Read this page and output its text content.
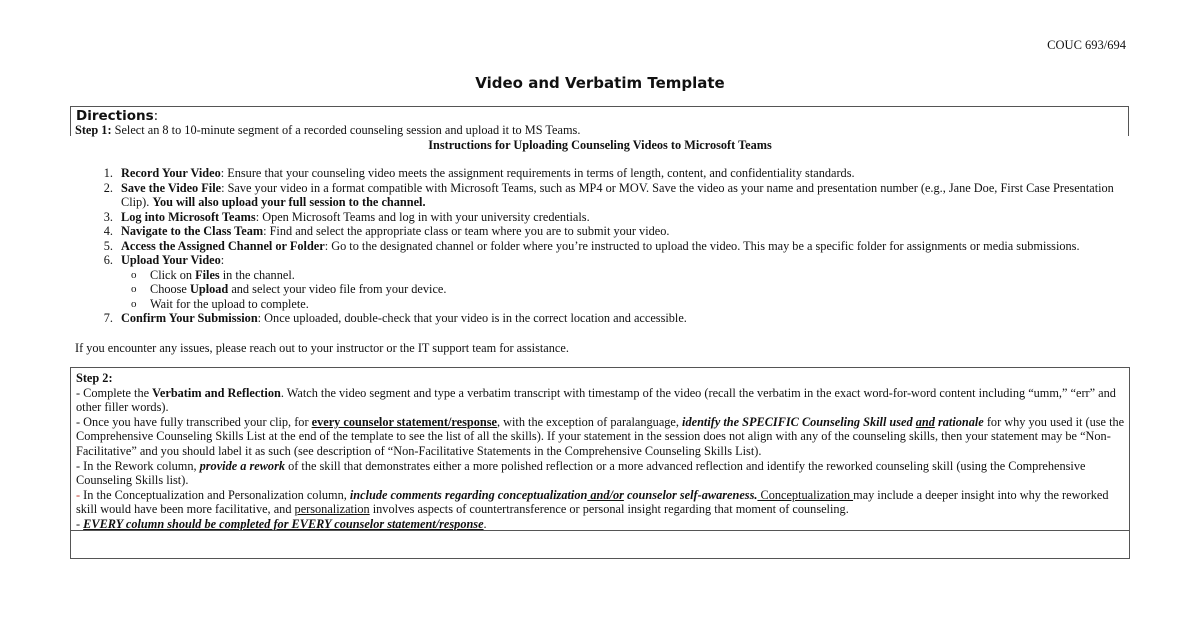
COUC 693/694
Video and Verbatim Template
Directions:
Step 1: Select an 8 to 10-minute segment of a recorded counseling session and upload it to MS Teams.
Instructions for Uploading Counseling Videos to Microsoft Teams
1. Record Your Video: Ensure that your counseling video meets the assignment requirements in terms of length, content, and confidentiality standards.
2. Save the Video File: Save your video in a format compatible with Microsoft Teams, such as MP4 or MOV. Save the video as your name and presentation number (e.g., Jane Doe, First Case Presentation Clip). You will also upload your full session to the channel.
3. Log into Microsoft Teams: Open Microsoft Teams and log in with your university credentials.
4. Navigate to the Class Team: Find and select the appropriate class or team where you are to submit your video.
5. Access the Assigned Channel or Folder: Go to the designated channel or folder where you’re instructed to upload the video. This may be a specific folder for assignments or media submissions.
6. Upload Your Video:
o	Click on Files in the channel.
o	Choose Upload and select your video file from your device.
o	Wait for the upload to complete.
7. Confirm Your Submission: Once uploaded, double-check that your video is in the correct location and accessible.
If you encounter any issues, please reach out to your instructor or the IT support team for assistance.
Step 2:
- Complete the Verbatim and Reflection. Watch the video segment and type a verbatim transcript with timestamp of the video (recall the verbatim in the exact word-for-word content including “umm,” “err” and other filler words).
- Once you have fully transcribed your clip, for every counselor statement/response, with the exception of paralanguage, identify the SPECIFIC Counseling Skill used and rationale for why you used it (use the Comprehensive Counseling Skills List at the end of the template to see the list of all the skills). If your statement in the session does not align with any of the counseling skills, then your statement may be “Non-Facilitative” and you should label it as such (see description of “Non-Facilitative Statements in the Comprehensive Counseling Skills List).
- In the Rework column, provide a rework of the skill that demonstrates either a more polished reflection or a more advanced reflection and identify the reworked counseling skill (using the Comprehensive Counseling Skills list).
- In the Conceptualization and Personalization column, include comments regarding conceptualization and/or counselor self-awareness. Conceptualization may include a deeper insight into why the reworked skill would have been more facilitative, and personalization involves aspects of countertransference or personal insight regarding that moment of counseling.
- EVERY column should be completed for EVERY counselor statement/response.
